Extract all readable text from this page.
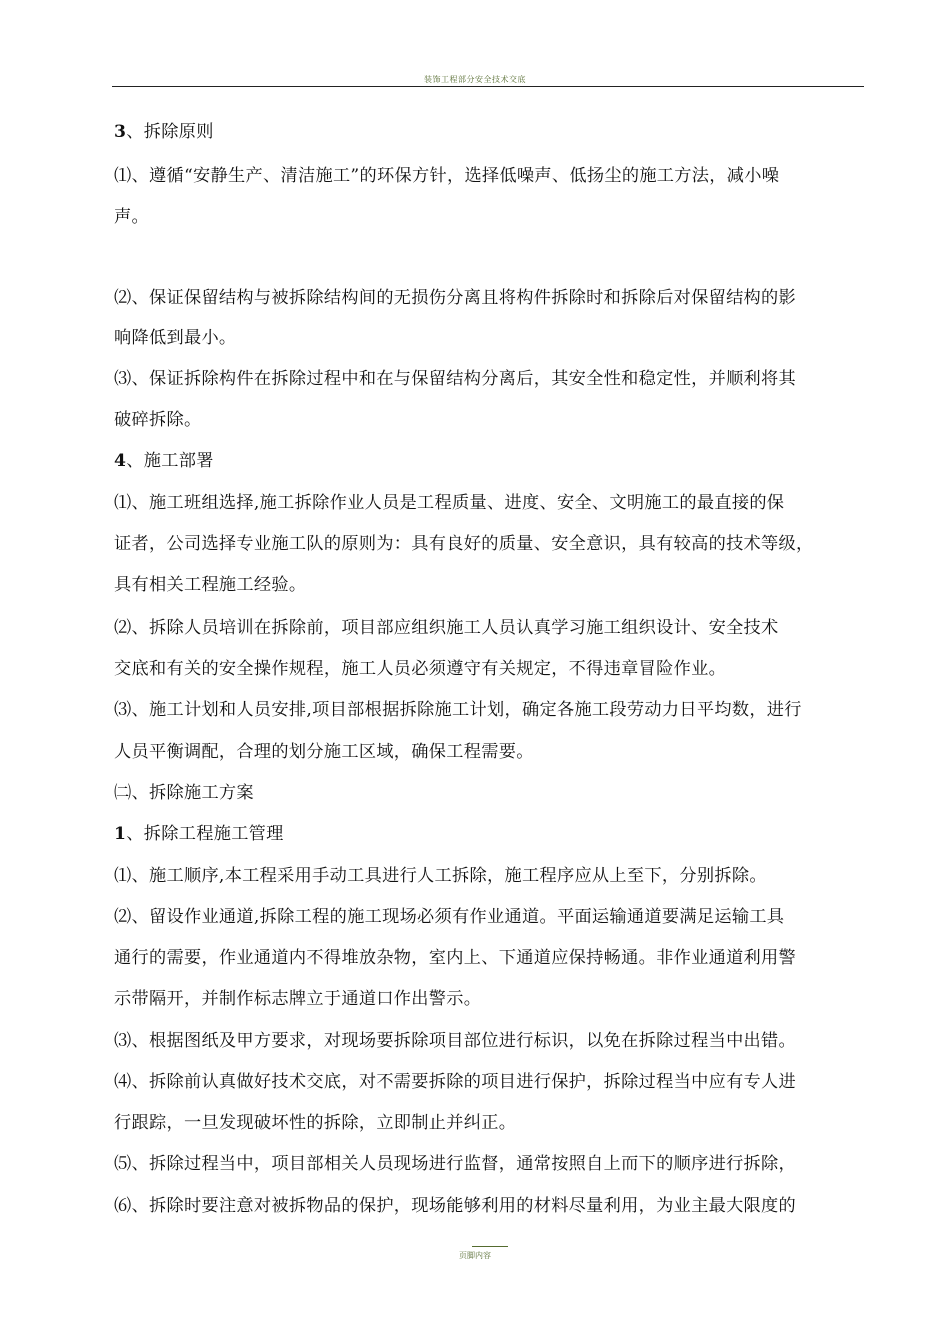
装饰工程部分安全技术交底
3、拆除原则
⑴、遵循“安静生产、清洁施工”的环保方针，选择低噪声、低扬尘的施工方法，减小噪
声。
⑵、保证保留结构与被拆除结构间的无损伤分离且将构件拆除时和拆除后对保留结构的影
响降低到最小。
⑶、保证拆除构件在拆除过程中和在与保留结构分离后，其安全性和稳定性，并顺利将其
破碎拆除。
4、施工部署
⑴、施工班组选择,施工拆除作业人员是工程质量、进度、安全、文明施工的最直接的保
证者，公司选择专业施工队的原则为：具有良好的质量、安全意识，具有较高的技术等级，
具有相关工程施工经验。
⑵、拆除人员培训在拆除前，项目部应组织施工人员认真学习施工组织设计、安全技术
交底和有关的安全操作规程，施工人员必须遵守有关规定，不得违章冒险作业。
⑶、施工计划和人员安排,项目部根据拆除施工计划，确定各施工段劳动力日平均数，进行
人员平衡调配，合理的划分施工区域，确保工程需要。
㈡、拆除施工方案
1、拆除工程施工管理
⑴、施工顺序,本工程采用手动工具进行人工拆除，施工程序应从上至下，分别拆除。
⑵、留设作业通道,拆除工程的施工现场必须有作业通道。平面运输通道要满足运输工具
通行的需要，作业通道内不得堆放杂物，室内上、下通道应保持畅通。非作业通道利用警
示带隔开，并制作标志牌立于通道口作出警示。
⑶、根据图纸及甲方要求，对现场要拆除项目部位进行标识，以免在拆除过程当中出错。
⑷、拆除前认真做好技术交底，对不需要拆除的项目进行保护，拆除过程当中应有专人进
行跟踪，一旦发现破坏性的拆除，立即制止并纠正。
⑸、拆除过程当中，项目部相关人员现场进行监督，通常按照自上而下的顺序进行拆除，
⑹、拆除时要注意对被拆物品的保护，现场能够利用的材料尽量利用，为业主最大限度的
页脚内容
